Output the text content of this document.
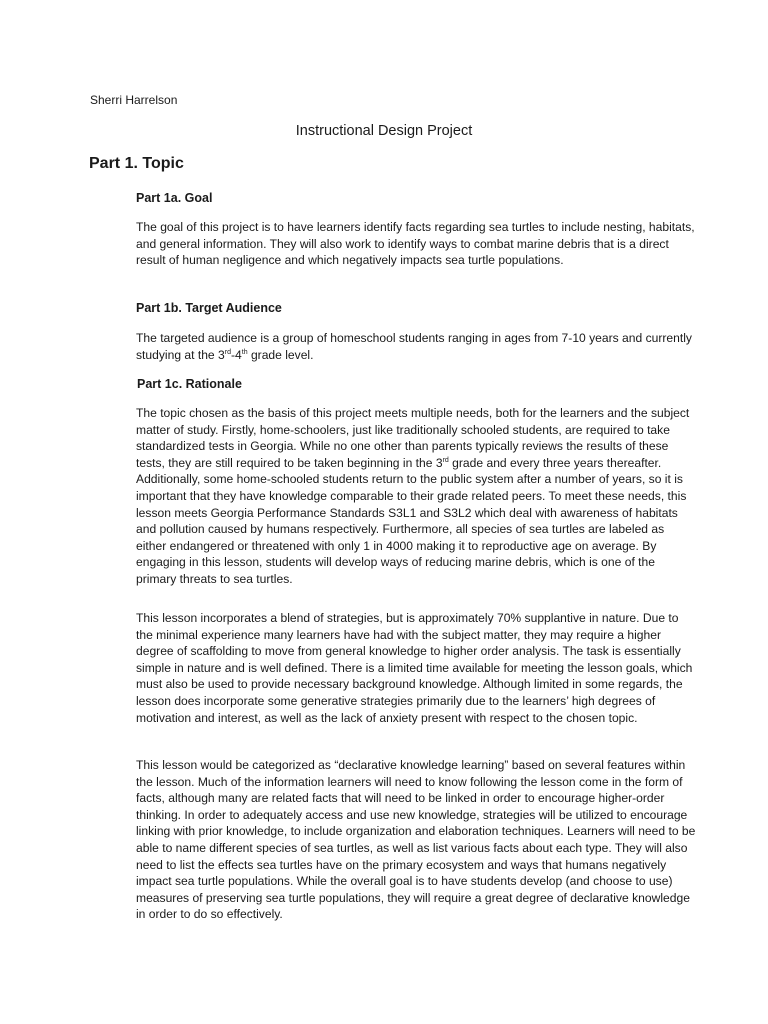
Sherri Harrelson
Instructional Design Project
Part 1. Topic
Part 1a. Goal

The goal of this project is to have learners identify facts regarding sea turtles to include nesting, habitats, and general information. They will also work to identify ways to combat marine debris that is a direct result of human negligence and which negatively impacts sea turtle populations.

Part 1b. Target Audience

The targeted audience is a group of homeschool students ranging in ages from 7-10 years and currently studying at the 3rd-4th grade level.

Part 1c. Rationale

The topic chosen as the basis of this project meets multiple needs, both for the learners and the subject matter of study. Firstly, home-schoolers, just like traditionally schooled students, are required to take standardized tests in Georgia. While no one other than parents typically reviews the results of these tests, they are still required to be taken beginning in the 3rd grade and every three years thereafter. Additionally, some home-schooled students return to the public system after a number of years, so it is important that they have knowledge comparable to their grade related peers. To meet these needs, this lesson meets Georgia Performance Standards S3L1 and S3L2 which deal with awareness of habitats and pollution caused by humans respectively. Furthermore, all species of sea turtles are labeled as either endangered or threatened with only 1 in 4000 making it to reproductive age on average. By engaging in this lesson, students will develop ways of reducing marine debris, which is one of the primary threats to sea turtles.

This lesson incorporates a blend of strategies, but is approximately 70% supplantive in nature. Due to the minimal experience many learners have had with the subject matter, they may require a higher degree of scaffolding to move from general knowledge to higher order analysis. The task is essentially simple in nature and is well defined. There is a limited time available for meeting the lesson goals, which must also be used to provide necessary background knowledge. Although limited in some regards, the lesson does incorporate some generative strategies primarily due to the learners’ high degrees of motivation and interest, as well as the lack of anxiety present with respect to the chosen topic.

This lesson would be categorized as “declarative knowledge learning” based on several features within the lesson. Much of the information learners will need to know following the lesson come in the form of facts, although many are related facts that will need to be linked in order to encourage higher-order thinking. In order to adequately access and use new knowledge, strategies will be utilized to encourage linking with prior knowledge, to include organization and elaboration techniques. Learners will need to be able to name different species of sea turtles, as well as list various facts about each type. They will also need to list the effects sea turtles have on the primary ecosystem and ways that humans negatively impact sea turtle populations. While the overall goal is to have students develop (and choose to use) measures of preserving sea turtle populations, they will require a great degree of declarative knowledge in order to do so effectively.
